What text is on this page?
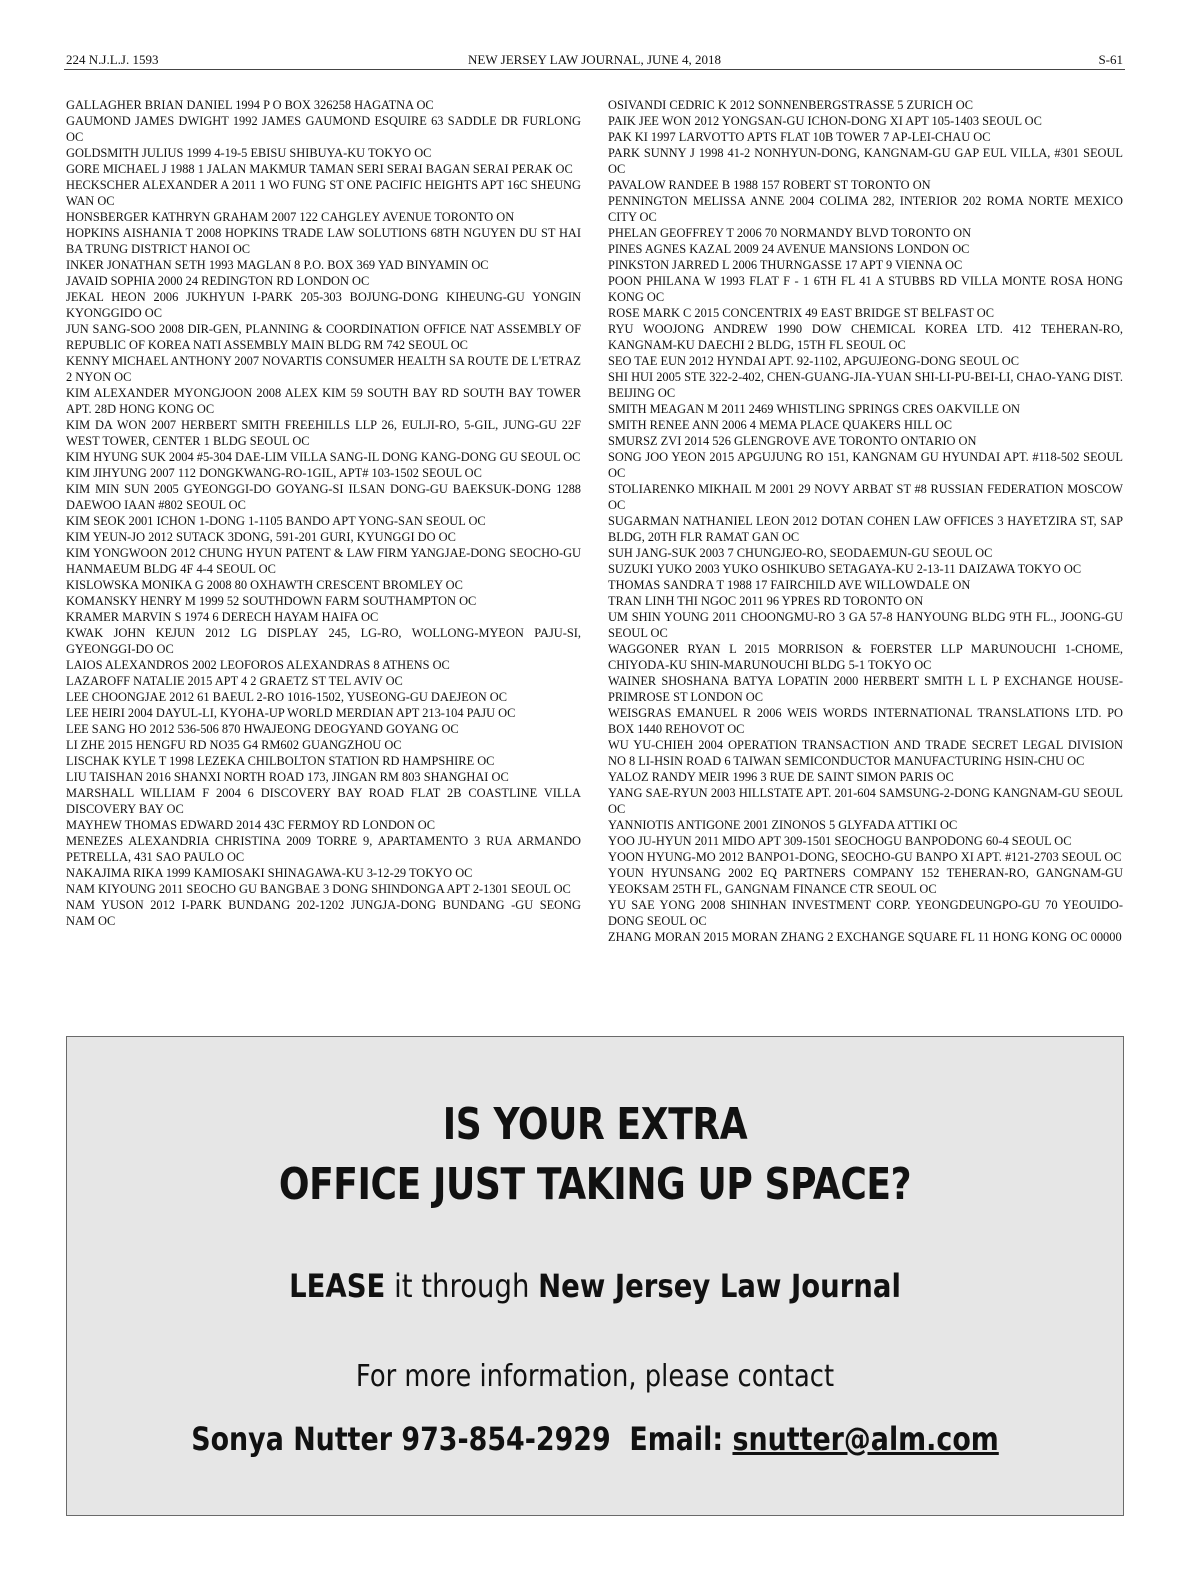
224 N.J.L.J. 1593	NEW JERSEY LAW JOURNAL, JUNE 4, 2018	S-61

GALLAGHER BRIAN DANIEL 1994 P O BOX 326258 HAGATNA OC

GAUMOND JAMES DWIGHT 1992 JAMES GAUMOND ESQUIRE 63 SADDLE DR FURLONG OC

GOLDSMITH JULIUS 1999 4-19-5 EBISU SHIBUYA-KU TOKYO OC

GORE MICHAEL J 1988 1 JALAN MAKMUR TAMAN SERI SERAI BAGAN SERAI PERAK OC

HECKSCHER ALEXANDER A 2011 1 WO FUNG ST ONE PACIFIC HEIGHTS APT 16C SHEUNG WAN OC

HONSBERGER KATHRYN GRAHAM 2007 122 CAHGLEY AVENUE TORONTO ON

HOPKINS AISHANIA T 2008 HOPKINS TRADE LAW SOLUTIONS 68TH NGUYEN DU ST HAI BA TRUNG DISTRICT HANOI OC

INKER JONATHAN SETH 1993 MAGLAN 8 P.O. BOX 369 YAD BINYAMIN OC

JAVAID SOPHIA 2000 24 REDINGTON RD LONDON OC

JEKAL HEON 2006 JUKHYUN I-PARK 205-303 BOJUNG-DONG KIHEUNG-GU YONGIN KYONGGIDO OC

JUN SANG-SOO 2008 DIR-GEN, PLANNING & COORDINATION OFFICE NAT ASSEMBLY OF REPUBLIC OF KOREA NATI ASSEMBLY MAIN BLDG RM 742 SEOUL OC

KENNY MICHAEL ANTHONY 2007 NOVARTIS CONSUMER HEALTH SA ROUTE DE L'ETRAZ 2 NYON OC

KIM ALEXANDER MYONGJOON 2008 ALEX KIM 59 SOUTH BAY RD SOUTH BAY TOWER APT. 28D HONG KONG OC

KIM DA WON 2007 HERBERT SMITH FREEHILLS LLP 26, EULJI-RO, 5-GIL, JUNG-GU 22F WEST TOWER, CENTER 1 BLDG SEOUL OC

KIM HYUNG SUK 2004 #5-304 DAE-LIM VILLA SANG-IL DONG KANG-DONG GU SEOUL OC

KIM JIHYUNG 2007 112 DONGKWANG-RO-1GIL, APT# 103-1502 SEOUL OC

KIM MIN SUN 2005 GYEONGGI-DO GOYANG-SI ILSAN DONG-GU BAEKSUK-DONG 1288 DAEWOO IAAN #802 SEOUL OC

KIM SEOK 2001 ICHON 1-DONG 1-1105 BANDO APT YONG-SAN SEOUL OC

KIM YEUN-JO 2012 SUTACK 3DONG, 591-201 GURI, KYUNGGI DO OC

KIM YONGWOON 2012 CHUNG HYUN PATENT & LAW FIRM YANGJAE-DONG SEOCHO-GU HANMAEUM BLDG 4F 4-4 SEOUL OC

KISLOWSKA MONIKA G 2008 80 OXHAWTH CRESCENT BROMLEY OC

KOMANSKY HENRY M 1999 52 SOUTHDOWN FARM SOUTHAMPTON OC

KRAMER MARVIN S 1974 6 DERECH HAYAM HAIFA OC

KWAK JOHN KEJUN 2012 LG DISPLAY 245, LG-RO, WOLLONG-MYEON PAJU-SI, GYEONGGI-DO OC

LAIOS ALEXANDROS 2002 LEOFOROS ALEXANDRAS 8 ATHENS OC

LAZAROFF NATALIE 2015 APT 4 2 GRAETZ ST TEL AVIV OC

LEE CHOONGJAE 2012 61 BAEUL 2-RO 1016-1502, YUSEONG-GU DAEJEON OC

LEE HEIRI 2004 DAYUL-LI, KYOHA-UP WORLD MERDIAN APT 213-104 PAJU OC

LEE SANG HO 2012 536-506 870 HWAJEONG DEOGYAND GOYANG OC

LI ZHE 2015 HENGFU RD NO35 G4 RM602 GUANGZHOU OC

LISCHAK KYLE T 1998 LEZEKA CHILBOLTON STATION RD HAMPSHIRE OC

LIU TAISHAN 2016 SHANXI NORTH ROAD 173, JINGAN RM 803 SHANGHAI OC

MARSHALL WILLIAM F 2004 6 DISCOVERY BAY ROAD FLAT 2B COASTLINE VILLA DISCOVERY BAY OC

MAYHEW THOMAS EDWARD 2014 43C FERMOY RD LONDON OC

MENEZES ALEXANDRIA CHRISTINA 2009 TORRE 9, APARTAMENTO 3 RUA ARMANDO PETRELLA, 431 SAO PAULO OC

NAKAJIMA RIKA 1999 KAMIOSAKI SHINAGAWA-KU 3-12-29 TOKYO OC

NAM KIYOUNG 2011 SEOCHO GU BANGBAE 3 DONG SHINDONGA APT 2-1301 SEOUL OC

NAM YUSON 2012 I-PARK BUNDANG 202-1202 JUNGJA-DONG BUNDANG -GU SEONG NAM OC

OSIVANDI CEDRIC K 2012 SONNENBERGSTRASSE 5 ZURICH OC

PAIK JEE WON 2012 YONGSAN-GU ICHON-DONG XI APT 105-1403 SEOUL OC

PAK KI 1997 LARVOTTO APTS FLAT 10B TOWER 7 AP-LEI-CHAU OC

PARK SUNNY J 1998 41-2 NONHYUN-DONG, KANGNAM-GU GAP EUL VILLA, #301 SEOUL OC

PAVALOW RANDEE B 1988 157 ROBERT ST TORONTO ON

PENNINGTON MELISSA ANNE 2004 COLIMA 282, INTERIOR 202 ROMA NORTE MEXICO CITY OC

PHELAN GEOFFREY T 2006 70 NORMANDY BLVD TORONTO ON

PINES AGNES KAZAL 2009 24 AVENUE MANSIONS LONDON OC

PINKSTON JARRED L 2006 THURNGASSE 17 APT 9 VIENNA OC

POON PHILANA W 1993 FLAT F - 1 6TH FL 41 A STUBBS RD VILLA MONTE ROSA HONG KONG OC

ROSE MARK C 2015 CONCENTRIX 49 EAST BRIDGE ST BELFAST OC

RYU WOOJONG ANDREW 1990 DOW CHEMICAL KOREA LTD. 412 TEHERAN-RO, KANGNAM-KU DAECHI 2 BLDG, 15TH FL SEOUL OC

SEO TAE EUN 2012 HYNDAI APT. 92-1102, APGUJEONG-DONG SEOUL OC

SHI HUI 2005 STE 322-2-402, CHEN-GUANG-JIA-YUAN SHI-LI-PU-BEI-LI, CHAO-YANG DIST. BEIJING OC

SMITH MEAGAN M 2011 2469 WHISTLING SPRINGS CRES OAKVILLE ON

SMITH RENEE ANN 2006 4 MEMA PLACE QUAKERS HILL OC

SMURSZ ZVI 2014 526 GLENGROVE AVE TORONTO ONTARIO ON

SONG JOO YEON 2015 APGUJUNG RO 151, KANGNAM GU HYUNDAI APT. #118-502 SEOUL OC

STOLIARENKO MIKHAIL M 2001 29 NOVY ARBAT ST #8 RUSSIAN FEDERATION MOSCOW OC

SUGARMAN NATHANIEL LEON 2012 DOTAN COHEN LAW OFFICES 3 HAYETZIRA ST, SAP BLDG, 20TH FLR RAMAT GAN OC

SUH JANG-SUK 2003 7 CHUNGJEO-RO, SEODAEMUN-GU SEOUL OC

SUZUKI YUKO 2003 YUKO OSHIKUBO SETAGAYA-KU 2-13-11 DAIZAWA TOKYO OC

THOMAS SANDRA T 1988 17 FAIRCHILD AVE WILLOWDALE ON

TRAN LINH THI NGOC 2011 96 YPRES RD TORONTO ON

UM SHIN YOUNG 2011 CHOONGMU-RO 3 GA 57-8 HANYOUNG BLDG 9TH FL., JOONG-GU SEOUL OC

WAGGONER RYAN L 2015 MORRISON & FOERSTER LLP MARUNOUCHI 1-CHOME, CHIYODA-KU SHIN-MARUNOUCHI BLDG 5-1 TOKYO OC

WAINER SHOSHANA BATYA LOPATIN 2000 HERBERT SMITH L L P EXCHANGE HOUSE-PRIMROSE ST LONDON OC

WEISGRAS EMANUEL R 2006 WEIS WORDS INTERNATIONAL TRANSLATIONS LTD. PO BOX 1440 REHOVOT OC

WU YU-CHIEH 2004 OPERATION TRANSACTION AND TRADE SECRET LEGAL DIVISION NO 8 LI-HSIN ROAD 6 TAIWAN SEMICONDUCTOR MANUFACTURING HSIN-CHU OC

YALOZ RANDY MEIR 1996 3 RUE DE SAINT SIMON PARIS OC

YANG SAE-RYUN 2003 HILLSTATE APT. 201-604 SAMSUNG-2-DONG KANGNAM-GU SEOUL OC

YANNIOTIS ANTIGONE 2001 ZINONOS 5 GLYFADA ATTIKI OC

YOO JU-HYUN 2011 MIDO APT 309-1501 SEOCHOGU BANPODONG 60-4 SEOUL OC

YOON HYUNG-MO 2012 BANPO1-DONG, SEOCHO-GU BANPO XI APT. #121-2703 SEOUL OC

YOUN HYUNSANG 2002 EQ PARTNERS COMPANY 152 TEHERAN-RO, GANGNAM-GU YEOKSAM 25TH FL, GANGNAM FINANCE CTR SEOUL OC

YU SAE YONG 2008 SHINHAN INVESTMENT CORP. YEONGDEUNGPO-GU 70 YEOUIDO-DONG SEOUL OC

ZHANG MORAN 2015 MORAN ZHANG 2 EXCHANGE SQUARE FL 11 HONG KONG OC 00000

IS YOUR EXTRA
OFFICE JUST TAKING UP SPACE?
LEASE it through New Jersey Law Journal
For more information, please contact
Sonya Nutter 973-854-2929 Email: snutter@alm.com
